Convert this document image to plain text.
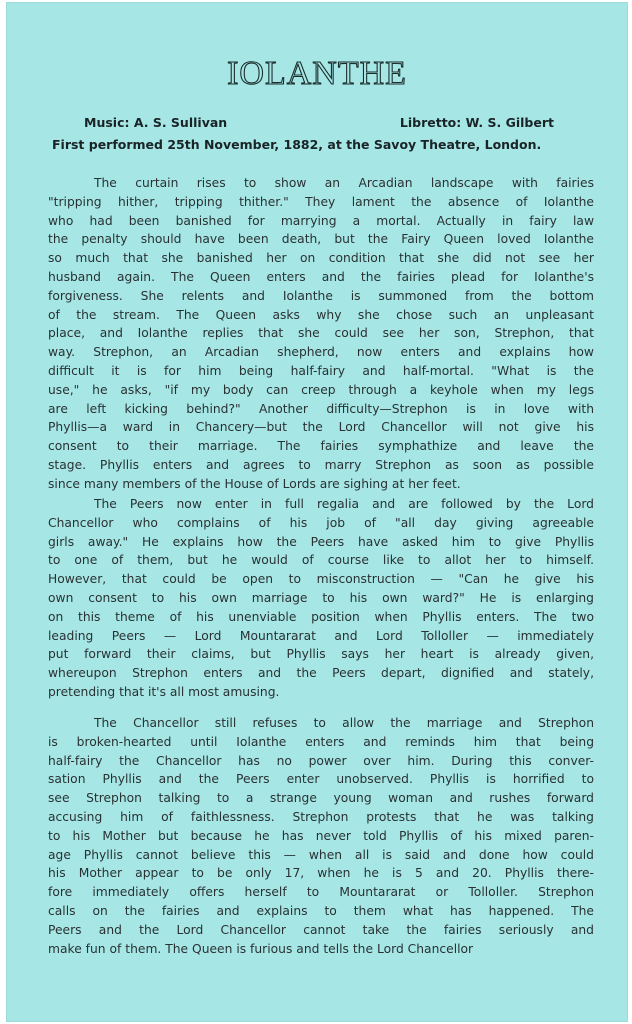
IOLANTHE
Music: A. S. Sullivan	Libretto: W. S. Gilbert
First performed 25th November, 1882, at the Savoy Theatre, London.
The curtain rises to show an Arcadian landscape with fairies
"tripping hither, tripping thither." They lament the absence of Iolanthe
who had been banished for marrying a mortal. Actually in fairy law
the penalty should have been death, but the Fairy Queen loved Iolanthe
so much that she banished her on condition that she did not see her
husband again. The Queen enters and the fairies plead for Iolanthe's
forgiveness. She relents and Iolanthe is summoned from the bottom
of the stream. The Queen asks why she chose such an unpleasant
place, and Iolanthe replies that she could see her son, Strephon, that
way. Strephon, an Arcadian shepherd, now enters and explains how
difficult it is for him being half-fairy and half-mortal. "What is the
use," he asks, "if my body can creep through a keyhole when my legs
are left kicking behind?" Another difficulty—Strephon is in love with
Phyllis—a ward in Chancery—but the Lord Chancellor will not give his
consent to their marriage. The fairies symphathize and leave the
stage. Phyllis enters and agrees to marry Strephon as soon as possible
since many members of the House of Lords are sighing at her feet.
The Peers now enter in full regalia and are followed by the Lord
Chancellor who complains of his job of "all day giving agreeable
girls away." He explains how the Peers have asked him to give Phyllis
to one of them, but he would of course like to allot her to himself.
However, that could be open to misconstruction — "Can he give his
own consent to his own marriage to his own ward?" He is enlarging
on this theme of his unenviable position when Phyllis enters. The two
leading Peers — Lord Mountararat and Lord Tolloller — immediately
put forward their claims, but Phyllis says her heart is already given,
whereupon Strephon enters and the Peers depart, dignified and stately,
pretending that it's all most amusing.
The Chancellor still refuses to allow the marriage and Strephon
is broken-hearted until Iolanthe enters and reminds him that being
half-fairy the Chancellor has no power over him. During this conver-
sation Phyllis and the Peers enter unobserved. Phyllis is horrified to
see Strephon talking to a strange young woman and rushes forward
accusing him of faithlessness. Strephon protests that he was talking
to his Mother but because he has never told Phyllis of his mixed paren-
age Phyllis cannot believe this — when all is said and done how could
his Mother appear to be only 17, when he is 5 and 20. Phyllis there-
fore immediately offers herself to Mountararat or Tolloller. Strephon
calls on the fairies and explains to them what has happened. The
Peers and the Lord Chancellor cannot take the fairies seriously and
make fun of them. The Queen is furious and tells the Lord Chancellor
